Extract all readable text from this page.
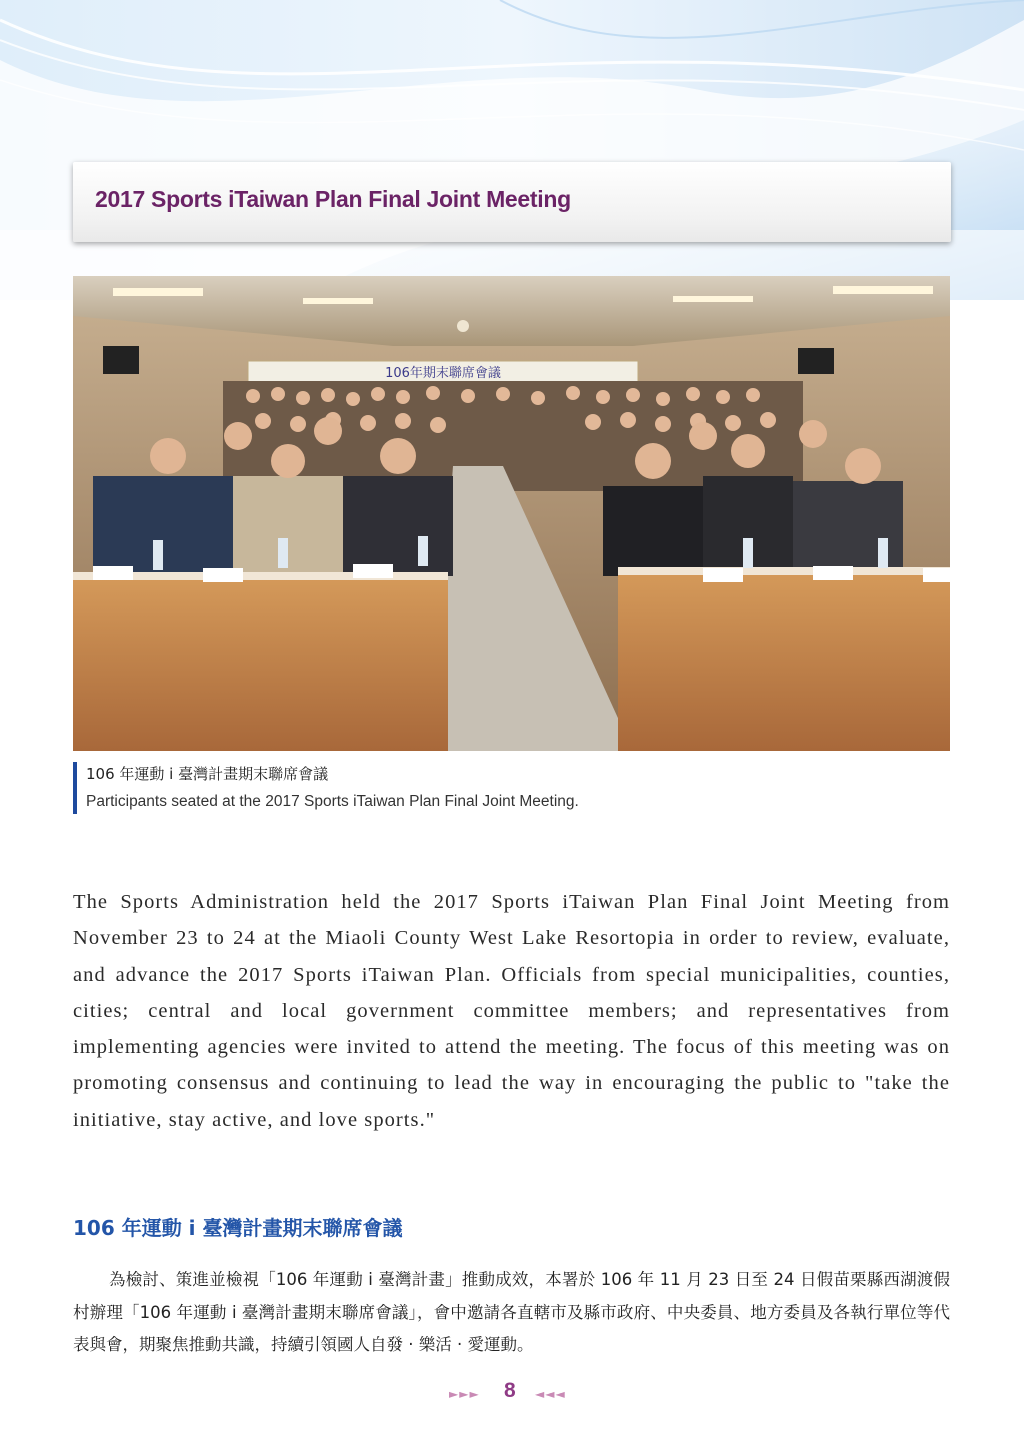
2017 Sports iTaiwan Plan Final Joint Meeting
106年期末聯席會議

106 年運動 i 臺灣計畫期末聯席會議

Participants seated at the 2017 Sports iTaiwan Plan Final Joint Meeting.

The Sports Administration held the 2017 Sports iTaiwan Plan Final Joint Meeting from November 23 to 24 at the Miaoli County West Lake Resortopia in order to review, evaluate, and advance the 2017 Sports iTaiwan Plan. Officials from special municipalities, counties, cities; central and local government committee members; and representatives from implementing agencies were invited to attend the meeting. The focus of this meeting was on promoting consensus and continuing to lead the way in encouraging the public to "take the initiative, stay active, and love sports."

106 年運動 i 臺灣計畫期末聯席會議

為檢討、策進並檢視「106 年運動 i 臺灣計畫」推動成效，本署於 106 年 11 月 23 日至 24 日假苗栗縣西湖渡假村辦理「106 年運動 i 臺灣計畫期末聯席會議」，會中邀請各直轄市及縣市政府、中央委員、地方委員及各執行單位等代表與會，期聚焦推動共識，持續引領國人自發 ‧ 樂活 ‧ 愛運動。

►►► 8 ◄◄◄
